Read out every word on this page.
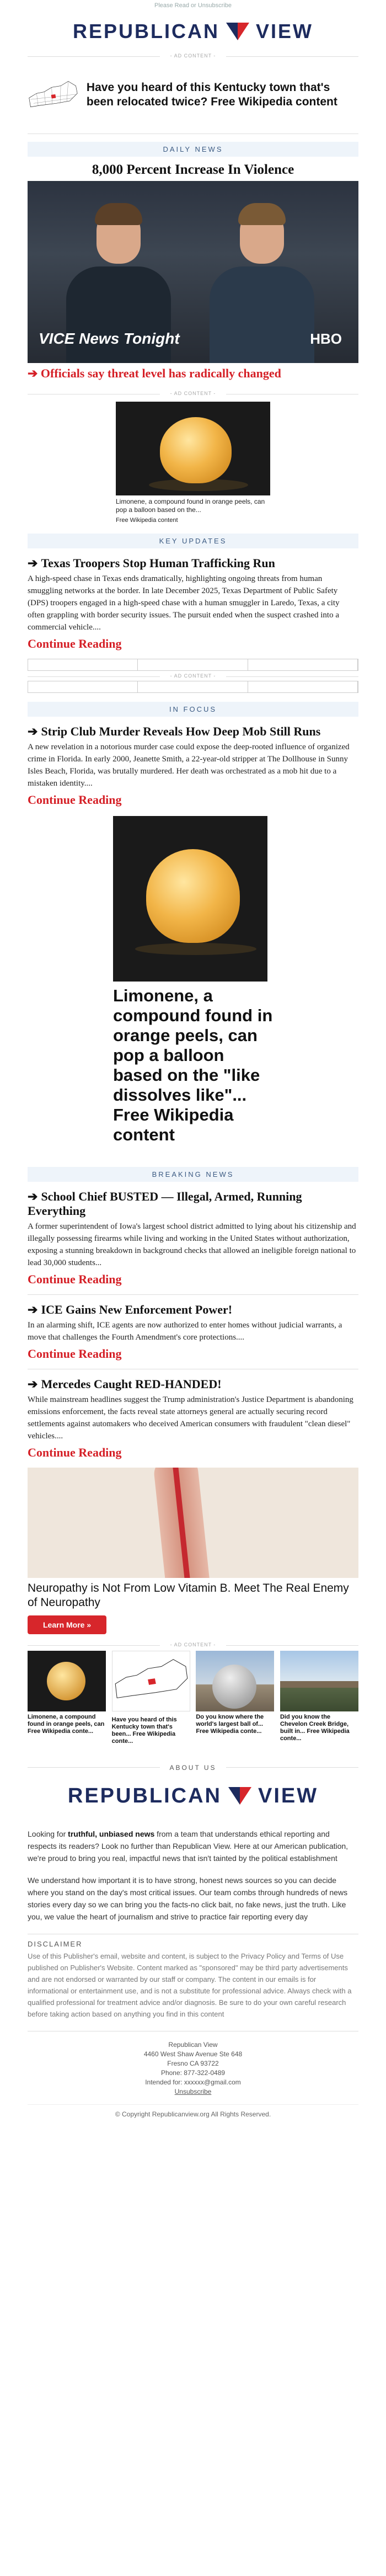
Please Read or Unsubscribe
REPUBLICAN VIEW
- AD CONTENT -
Have you heard of this Kentucky town that's been relocated twice? Free Wikipedia content
DAILY NEWS
8,000 Percent Increase In Violence
VICE News Tonight	HBO
➔ Officials say threat level has radically changed
- AD CONTENT -

Limonene, a compound found in orange peels, can pop a balloon based on the...

Free Wikipedia content

KEY UPDATES
➔ Texas Troopers Stop Human Trafficking Run

A high-speed chase in Texas ends dramatically, highlighting ongoing threats from human smuggling networks at the border. In late December 2025, Texas Department of Public Safety (DPS) troopers engaged in a high-speed chase with a human smuggler in Laredo, Texas, a city often grappling with border security issues. The pursuit ended when the suspect crashed into a commercial vehicle....

Continue Reading
- AD CONTENT -
IN FOCUS
➔ Strip Club Murder Reveals How Deep Mob Still Runs

A new revelation in a notorious murder case could expose the deep-rooted influence of organized crime in Florida. In early 2000, Jeanette Smith, a 22-year-old stripper at The Dollhouse in Sunny Isles Beach, Florida, was brutally murdered. Her death was orchestrated as a mob hit due to a mistaken identity....

Continue Reading
Limonene, a compound found in orange peels, can pop a balloon based on the "like dissolves like"... Free Wikipedia content
BREAKING NEWS
➔ School Chief BUSTED — Illegal, Armed, Running Everything

A former superintendent of Iowa's largest school district admitted to lying about his citizenship and illegally possessing firearms while living and working in the United States without authorization, exposing a stunning breakdown in background checks that allowed an ineligible foreign national to lead 30,000 students...

Continue Reading
➔ ICE Gains New Enforcement Power!

In an alarming shift, ICE agents are now authorized to enter homes without judicial warrants, a move that challenges the Fourth Amendment's core protections....

Continue Reading
➔ Mercedes Caught RED-HANDED!

While mainstream headlines suggest the Trump administration's Justice Department is abandoning emissions enforcement, the facts reveal state attorneys general are actually securing record settlements against automakers who deceived American consumers with fraudulent "clean diesel" vehicles....

Continue Reading
Neuropathy is Not From Low Vitamin B. Meet The Real Enemy of Neuropathy
Learn More »
- AD CONTENT -

Limonene, a compound found in orange peels, can Free Wikipedia conte...

Have you heard of this Kentucky town that's been... Free Wikipedia conte...

Do you know where the world's largest ball of... Free Wikipedia conte...

Did you know the Chevelon Creek Bridge, built in... Free Wikipedia conte...

ABOUT US
REPUBLICAN VIEW

Looking for truthful, unbiased news from a team that understands ethical reporting and respects its readers? Look no further than Republican View. Here at our American publication, we're proud to bring you real, impactful news that isn't tainted by the political establishment

We understand how important it is to have strong, honest news sources so you can decide where you stand on the day's most critical issues. Our team combs through hundreds of news stories every day so we can bring you the facts-no click bait, no fake news, just the truth. Like you, we value the heart of journalism and strive to practice fair reporting every day

DISCLAIMER

Use of this Publisher's email, website and content, is subject to the Privacy Policy and Terms of Use published on Publisher's Website. Content marked as "sponsored" may be third party advertisements and are not endorsed or warranted by our staff or company. The content in our emails is for informational or entertainment use, and is not a substitute for professional advice. Always check with a qualified professional for treatment advice and/or diagnosis. Be sure to do your own careful research before taking action based on anything you find in this content

Republican View
4460 West Shaw Avenue Ste 648
Fresno CA 93722
Phone: 877-322-0489
Intended for: xxxxxx@gmail.com
Unsubscribe
© Copyright Republicanview.org All Rights Reserved.
